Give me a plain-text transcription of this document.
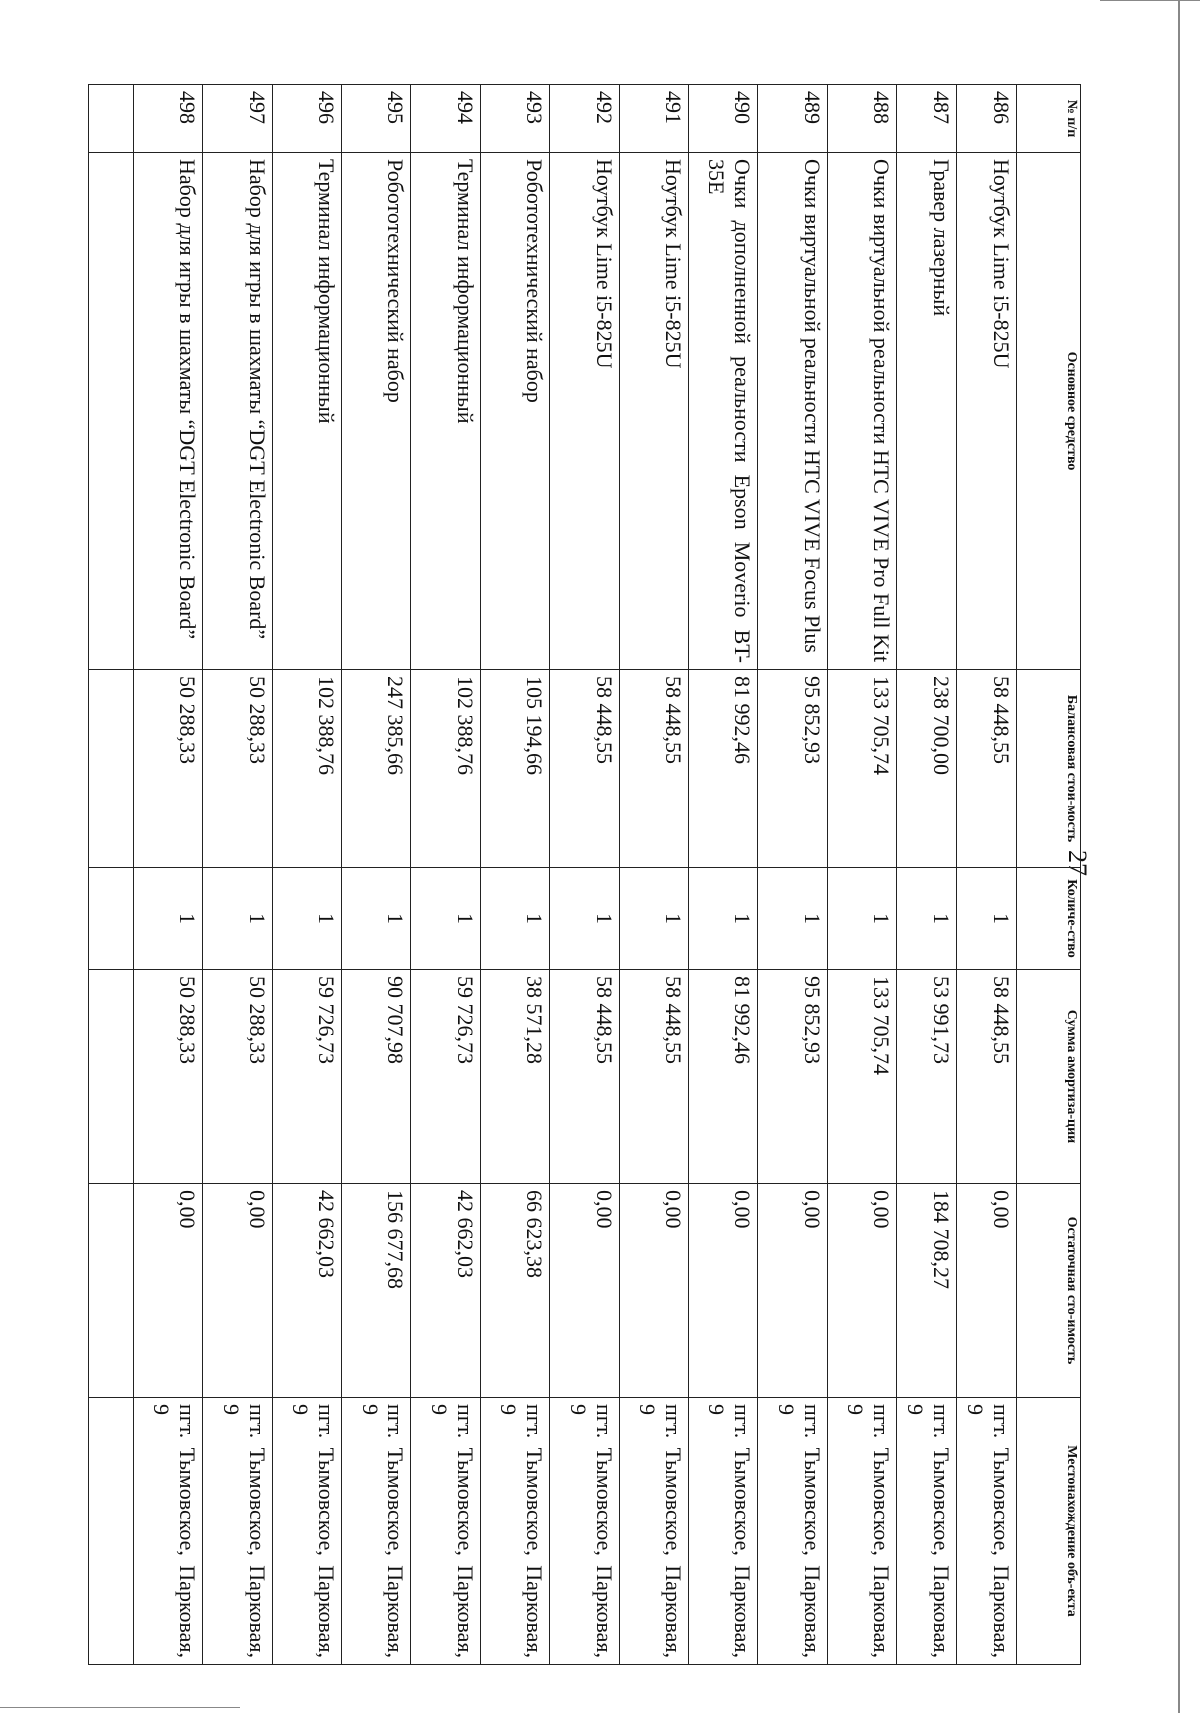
27
№ п/п	Основное средство	Балансовая стои-мость	Количе-ство	Сумма амортиза-ции	Остаточная сто-имость	Местонахождение объ-екта
486	Ноутбук Lime i5-825U	58 448,55	1	58 448,55	0,00	пгт. Тымовское, Парковая, 9
487	Гравер лазерный	238 700,00	1	53 991,73	184 708,27	пгт. Тымовское, Парковая, 9
488	Очки виртуальной реальности HTC VIVE Pro Full Kit	133 705,74	1	133 705,74	0,00	пгт. Тымовское, Парковая, 9
489	Очки виртуальной реальности HTC VIVE Focus Plus	95 852,93	1	95 852,93	0,00	пгт. Тымовское, Парковая, 9
490	Очки дополненной реальности Epson Moverio BT-35E	81 992,46	1	81 992,46	0,00	пгт. Тымовское, Парковая, 9
491	Ноутбук Lime i5-825U	58 448,55	1	58 448,55	0,00	пгт. Тымовское, Парковая, 9
492	Ноутбук Lime i5-825U	58 448,55	1	58 448,55	0,00	пгт. Тымовское, Парковая, 9
493	Робототехнический набор	105 194,66	1	38 571,28	66 623,38	пгт. Тымовское, Парковая, 9
494	Терминал информационный	102 388,76	1	59 726,73	42 662,03	пгт. Тымовское, Парковая, 9
495	Робототехнический набор	247 385,66	1	90 707,98	156 677,68	пгт. Тымовское, Парковая, 9
496	Терминал информационный	102 388,76	1	59 726,73	42 662,03	пгт. Тымовское, Парковая, 9
497	Набор для игры в шахматы “DGT Electronic Board”	50 288,33	1	50 288,33	0,00	пгт. Тымовское, Парковая, 9
498	Набор для игры в шахматы “DGT Electronic Board”	50 288,33	1	50 288,33	0,00	пгт. Тымовское, Парковая, 9
